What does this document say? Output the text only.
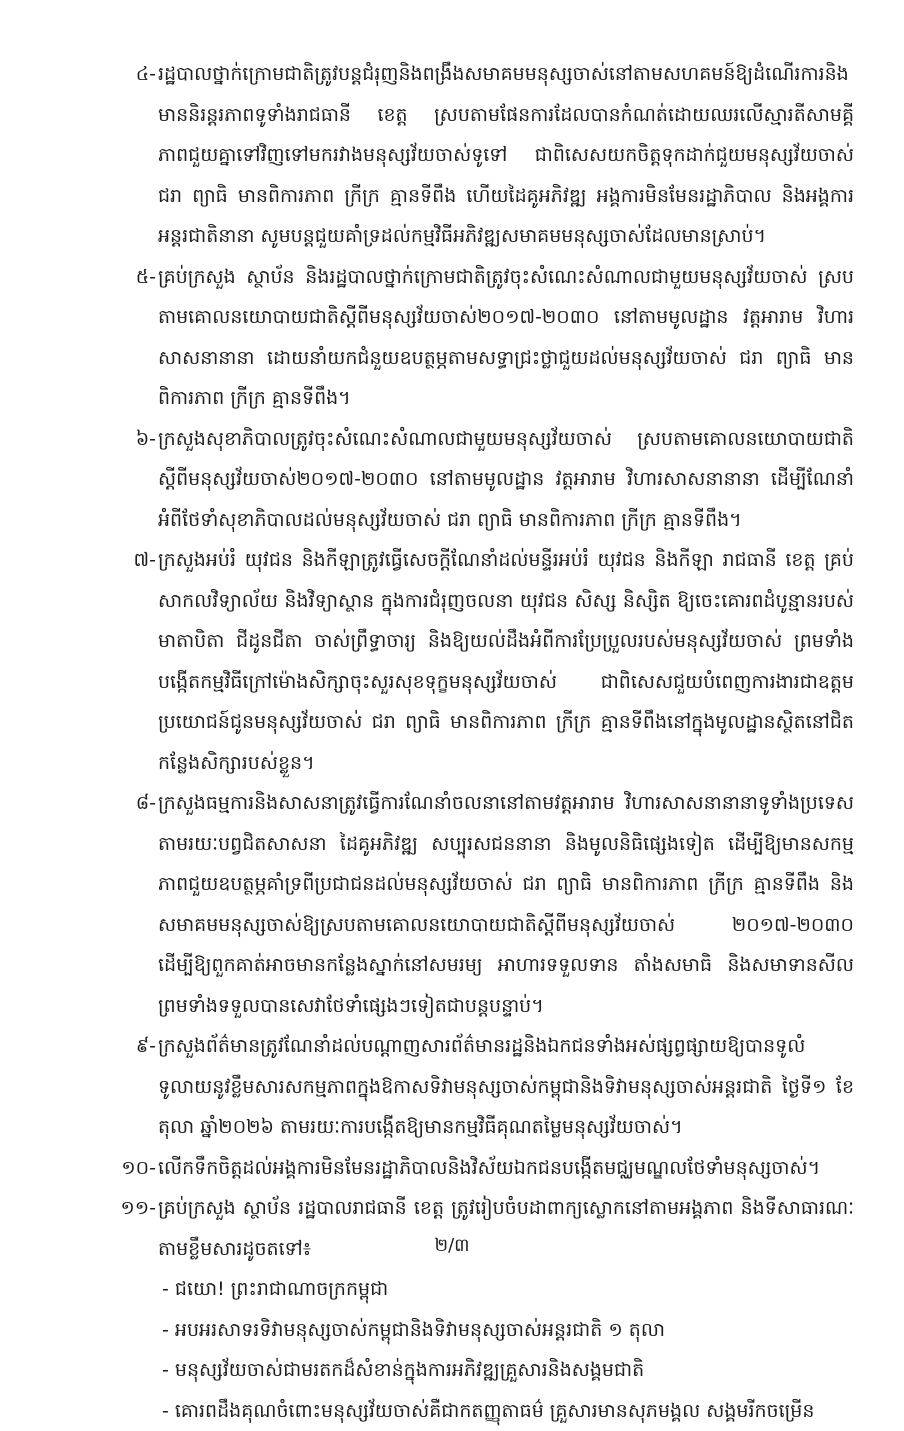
៤- រដ្ឋបាលថ្នាក់ក្រោមជាតិត្រូវបន្តជំរុញនិងពង្រឹងសមាគមមនុស្សចាស់នៅតាមសហគមន៍ឱ្យដំណើរការនិងមាននិរន្តរភាពទូទាំងរាជធានី ខេត្ត ស្របតាមផែនការដែលបានកំណត់ដោយឈរលើស្មារតីសាមគ្គីភាពជួយគ្នាទៅវិញទៅមករវាងមនុស្សវ័យចាស់ទូទៅ ជាពិសេសយកចិត្តទុកដាក់ជួយមនុស្សវ័យចាស់ ជរា ព្យាធិ មានពិការភាព ក្រីក្រ គ្មានទីពឹង ហើយដៃគូអភិវឌ្ឍ អង្គការមិនមែនរដ្ឋាភិបាល និងអង្គការអន្តរជាតិនានា សូមបន្តជួយគាំទ្រដល់កម្មវិធីអភិវឌ្ឍសមាគមមនុស្សចាស់ដែលមានស្រាប់។
៥- គ្រប់ក្រសួង ស្ថាប័ន និងរដ្ឋបាលថ្នាក់ក្រោមជាតិត្រូវចុះសំណេះសំណាលជាមួយមនុស្សវ័យចាស់ ស្របតាមគោលនយោបាយជាតិស្តីពីមនុស្សវ័យចាស់២០១៧-២០៣០ នៅតាមមូលដ្ឋាន វត្តអារាម វិហារសាសនានានា ដោយនាំយកជំនួយឧបត្ថម្ភតាមសទ្ធាជ្រះថ្លាជួយដល់មនុស្សវ័យចាស់ ជរា ព្យាធិ មានពិការភាព ក្រីក្រ គ្មានទីពឹង។
៦- ក្រសួងសុខាភិបាលត្រូវចុះសំណេះសំណាលជាមួយមនុស្សវ័យចាស់ ស្របតាមគោលនយោបាយជាតិស្តីពីមនុស្សវ័យចាស់២០១៧-២០៣០ នៅតាមមូលដ្ឋាន វត្តអារាម វិហារសាសនានានា ដើម្បីណែនាំអំពីថែទាំសុខាភិបាលដល់មនុស្សវ័យចាស់ ជរា ព្យាធិ មានពិការភាព ក្រីក្រ គ្មានទីពឹង។
៧- ក្រសួងអប់រំ យុវជន និងកីឡាត្រូវធ្វើសេចក្តីណែនាំដល់មន្ទីរអប់រំ យុវជន និងកីឡា រាជធានី ខេត្ត គ្រប់សាកលវិទ្យាល័យ និងវិទ្យាស្ថាន ក្នុងការជំរុញចលនា យុវជន សិស្ស និស្សិត ឱ្យចេះគោរពដំបូន្មានរបស់មាតាបិតា ជីដូនជីតា ចាស់ព្រឹទ្ធាចារ្យ និងឱ្យយល់ដឹងអំពីការប្រែប្រួលរបស់មនុស្សវ័យចាស់ ព្រមទាំងបង្កើតកម្មវិធីក្រៅម៉ោងសិក្សាចុះសួរសុខទុក្ខមនុស្សវ័យចាស់ ជាពិសេសជួយបំពេញការងារជាឧត្តមប្រយោជន៍ជូនមនុស្សវ័យចាស់ ជរា ព្យាធិ មានពិការភាព ក្រីក្រ គ្មានទីពឹងនៅក្នុងមូលដ្ឋានស្ថិតនៅជិតកន្លែងសិក្សារបស់ខ្លួន។
៨- ក្រសួងធម្មការនិងសាសនាត្រូវធ្វើការណែនាំចលនានៅតាមវត្តអារាម វិហារសាសនានានាទូទាំងប្រទេសតាមរយៈបព្វជិតសាសនា ដៃគូអភិវឌ្ឍ សប្បុរសជននានា និងមូលនិធិផ្សេងទៀត ដើម្បីឱ្យមានសកម្មភាពជួយឧបត្ថម្ភគាំទ្រពីប្រជាជនដល់មនុស្សវ័យចាស់ ជរា ព្យាធិ មានពិការភាព ក្រីក្រ គ្មានទីពឹង និងសមាគមមនុស្សចាស់ឱ្យស្របតាមគោលនយោបាយជាតិស្តីពីមនុស្សវ័យចាស់ ២០១៧-២០៣០ ដើម្បីឱ្យពួកគាត់អាចមានកន្លែងស្នាក់នៅសមរម្យ អាហារទទួលទាន តាំងសមាធិ និងសមាទានសីល ព្រមទាំងទទួលបានសេវាថែទាំផ្សេងៗទៀតជាបន្តបន្ទាប់។
៩- ក្រសួងព័ត៌មានត្រូវណែនាំដល់បណ្តាញសារព័ត៌មានរដ្ឋនិងឯកជនទាំងអស់ផ្សព្វផ្សាយឱ្យបានទូលំទូលាយនូវខ្លឹមសារសកម្មភាពក្នុងឱកាសទិវាមនុស្សចាស់កម្ពុជានិងទិវាមនុស្សចាស់អន្តរជាតិ ថ្ងៃទី១ ខែតុលា ឆ្នាំ២០២៦ តាមរយៈការបង្កើតឱ្យមានកម្មវិធីគុណតម្លៃមនុស្សវ័យចាស់។
១០- លើកទឹកចិត្តដល់អង្គការមិនមែនរដ្ឋាភិបាលនិងវិស័យឯកជនបង្កើតមជ្ឈមណ្ឌលថែទាំមនុស្សចាស់។
១១- គ្រប់ក្រសួង ស្ថាប័ន រដ្ឋបាលរាជធានី ខេត្ត ត្រូវរៀបចំបដាពាក្យស្លោកនៅតាមអង្គភាព និងទីសាធារណៈ តាមខ្លឹមសារដូចតទៅ៖
- ជយោ! ព្រះរាជាណាចក្រកម្ពុជា
- អបអរសាទរទិវាមនុស្សចាស់កម្ពុជានិងទិវាមនុស្សចាស់អន្តរជាតិ ១ តុលា
- មនុស្សវ័យចាស់ជាមរតកដ៏សំខាន់ក្នុងការអភិវឌ្ឍគ្រួសារនិងសង្គមជាតិ
- គោរពដឹងគុណចំពោះមនុស្សវ័យចាស់គឺជាកតញ្ញុតាធម៌ គ្រួសារមានសុភមង្គល សង្គមរីកចម្រើន
២/៣
